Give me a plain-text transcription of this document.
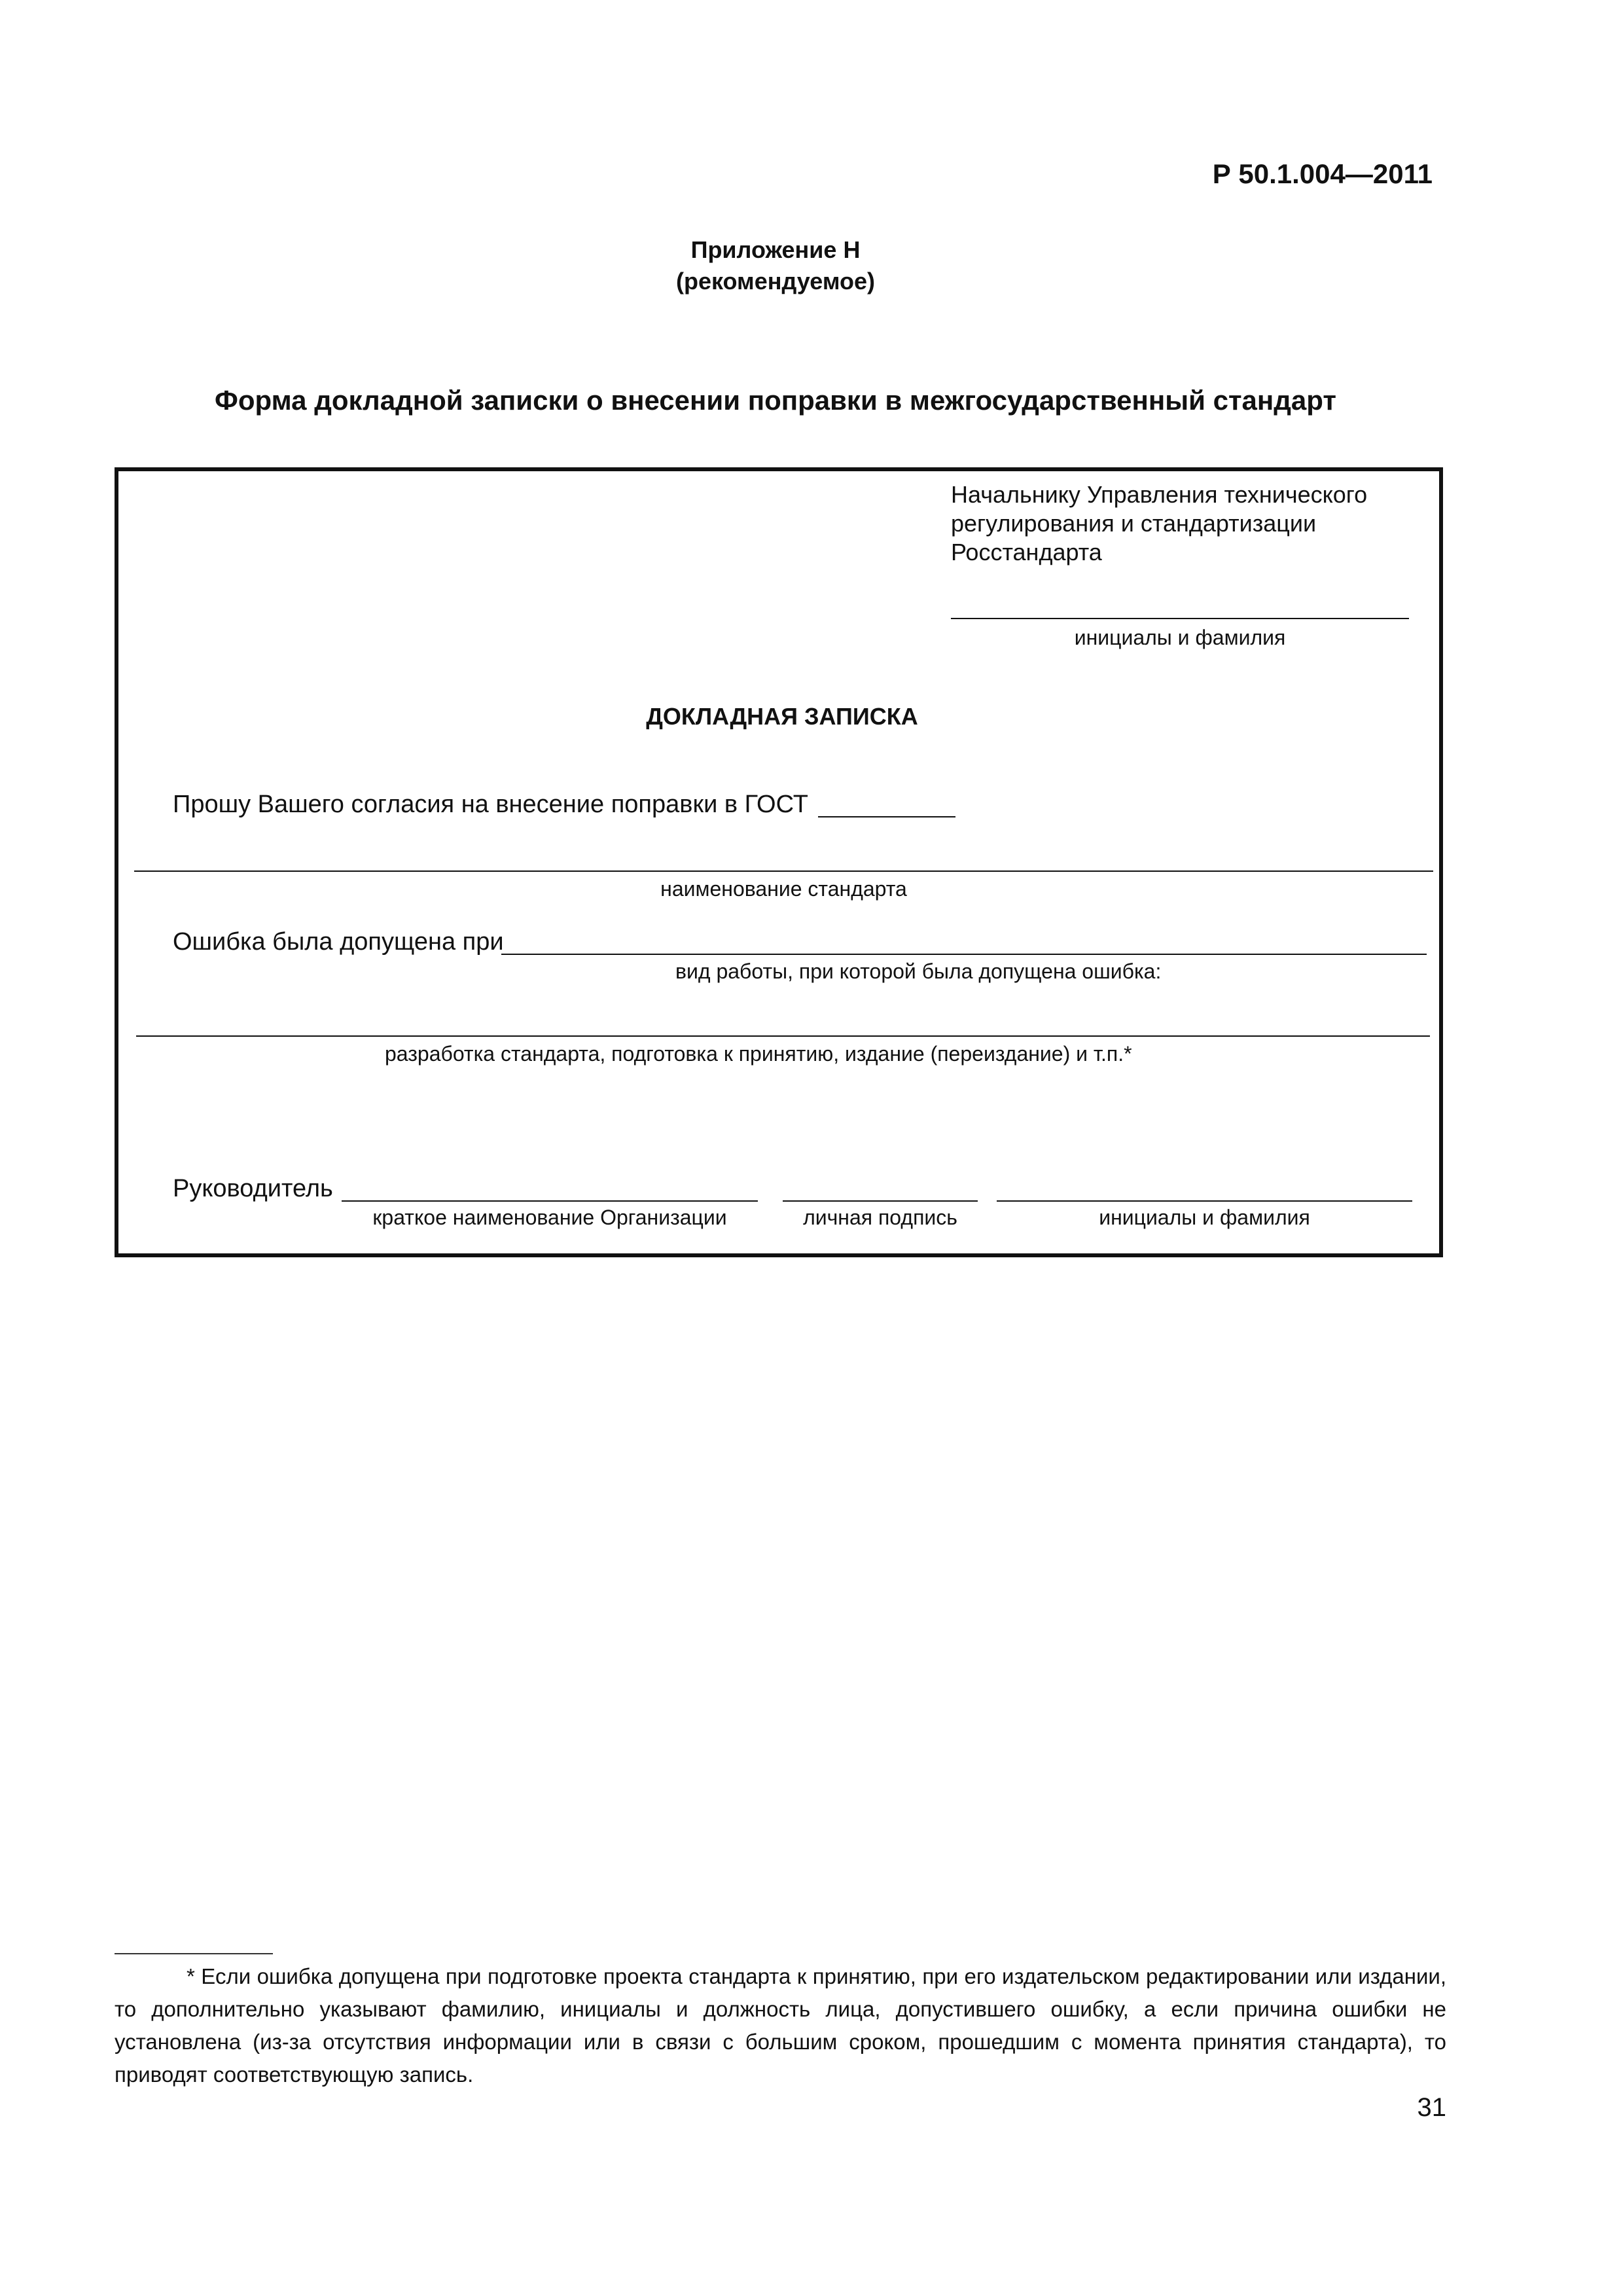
Р 50.1.004—2011
Приложение Н
(рекомендуемое)
Форма докладной записки о внесении поправки в межгосударственный стандарт
Начальнику Управления технического
регулирования и стандартизации
Росстандарта
инициалы и фамилия
ДОКЛАДНАЯ ЗАПИСКА
Прошу Вашего согласия на внесение поправки в ГОСТ
наименование стандарта
Ошибка была допущена при
вид работы, при которой была допущена ошибка:
разработка стандарта, подготовка к принятию, издание (переиздание) и т.п.*
Руководитель
краткое наименование Организации	личная подпись	инициалы и фамилия
* Если ошибка допущена при подготовке проекта стандарта к принятию, при его издательском редактировании или издании, то дополнительно указывают фамилию, инициалы и должность лица, допустившего ошибку, а если причина ошибки не установлена (из-за отсутствия информации или в связи с большим сроком, прошедшим с момента принятия стандарта), то приводят соответствующую запись.
31
